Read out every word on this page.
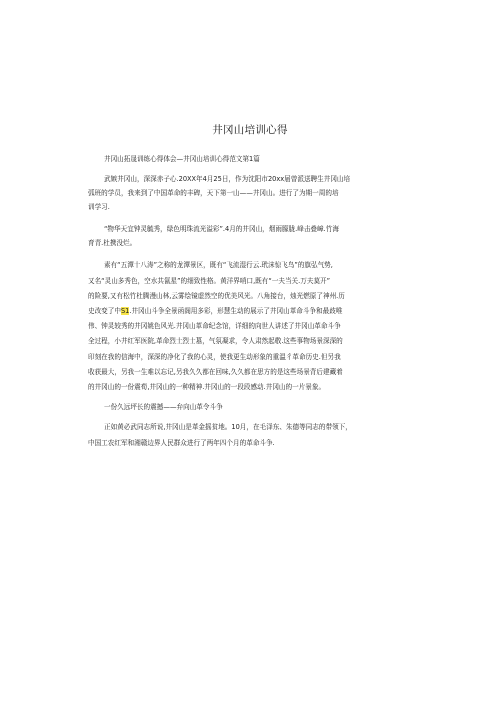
井冈山培训心得
井冈山拓晟训练心得体会—井冈山培训心得范文第1篇
武嫉井冈山，深深赤子心.20XX年4月25日，作为沈阳市20xx届曾派送聘生井冈山培
弧班的学员，我来到了中国革命的丰碑，天下第一山——井冈山。进行了为期一周的培
训学习.
“物华天宜钟灵毓秀，绿色明珠流光溢彩”.4月的井冈山，烟雨朦胧.峰击叠嶂.竹海
育青.杜携没烂。
素有“五潭十八涛”之称的龙潭景区，既有“飞流湿行云.玳沫惊飞鸟”的旗弘气势,
又名“灵山多秀色，空水共氤星”的细致性格。黄洋界哨口,既有“一夫当关.万夫莫开”
的险要,又有松竹杜腾漫山林,云雾绘镜虚然空的优美风光。八角接台，烛光燃原了神州.历
史改变了中S1.井冈山斗争全景函阁用多彩，形慧生动的展示了井冈山革命斗争和最歧唯
伟、钟灵较秀的井冈姚色风光.井冈山革命纪念馆，详细的向世人讲述了井冈山革命斗争
全过程，小井红军医院,革命烈士烈士墓，气氛凝求，令人肃然起敬.这些事物场景深深的
印刻在我的信海中，深深的净化了我的心灵，使我更生动形象的重温彳革命历史.但另我
收获最大，另我一生难以忘记,另我久久都在回味,久久都在思方的是这些场景背后建藏着
的井冈山的一份震荀,井冈山的一种精神.井冈山的一段段感动.井冈山的一片景象。
一份久远坪长的震撼——弁向山革令斗争
正如黄必武同志所说,井冈山是革金摇贫地。10月，在毛泽东、朱德等同志的带领下，
中国工农红军和湘赣边界人民群众进行了两年四个月的革命斗争.
